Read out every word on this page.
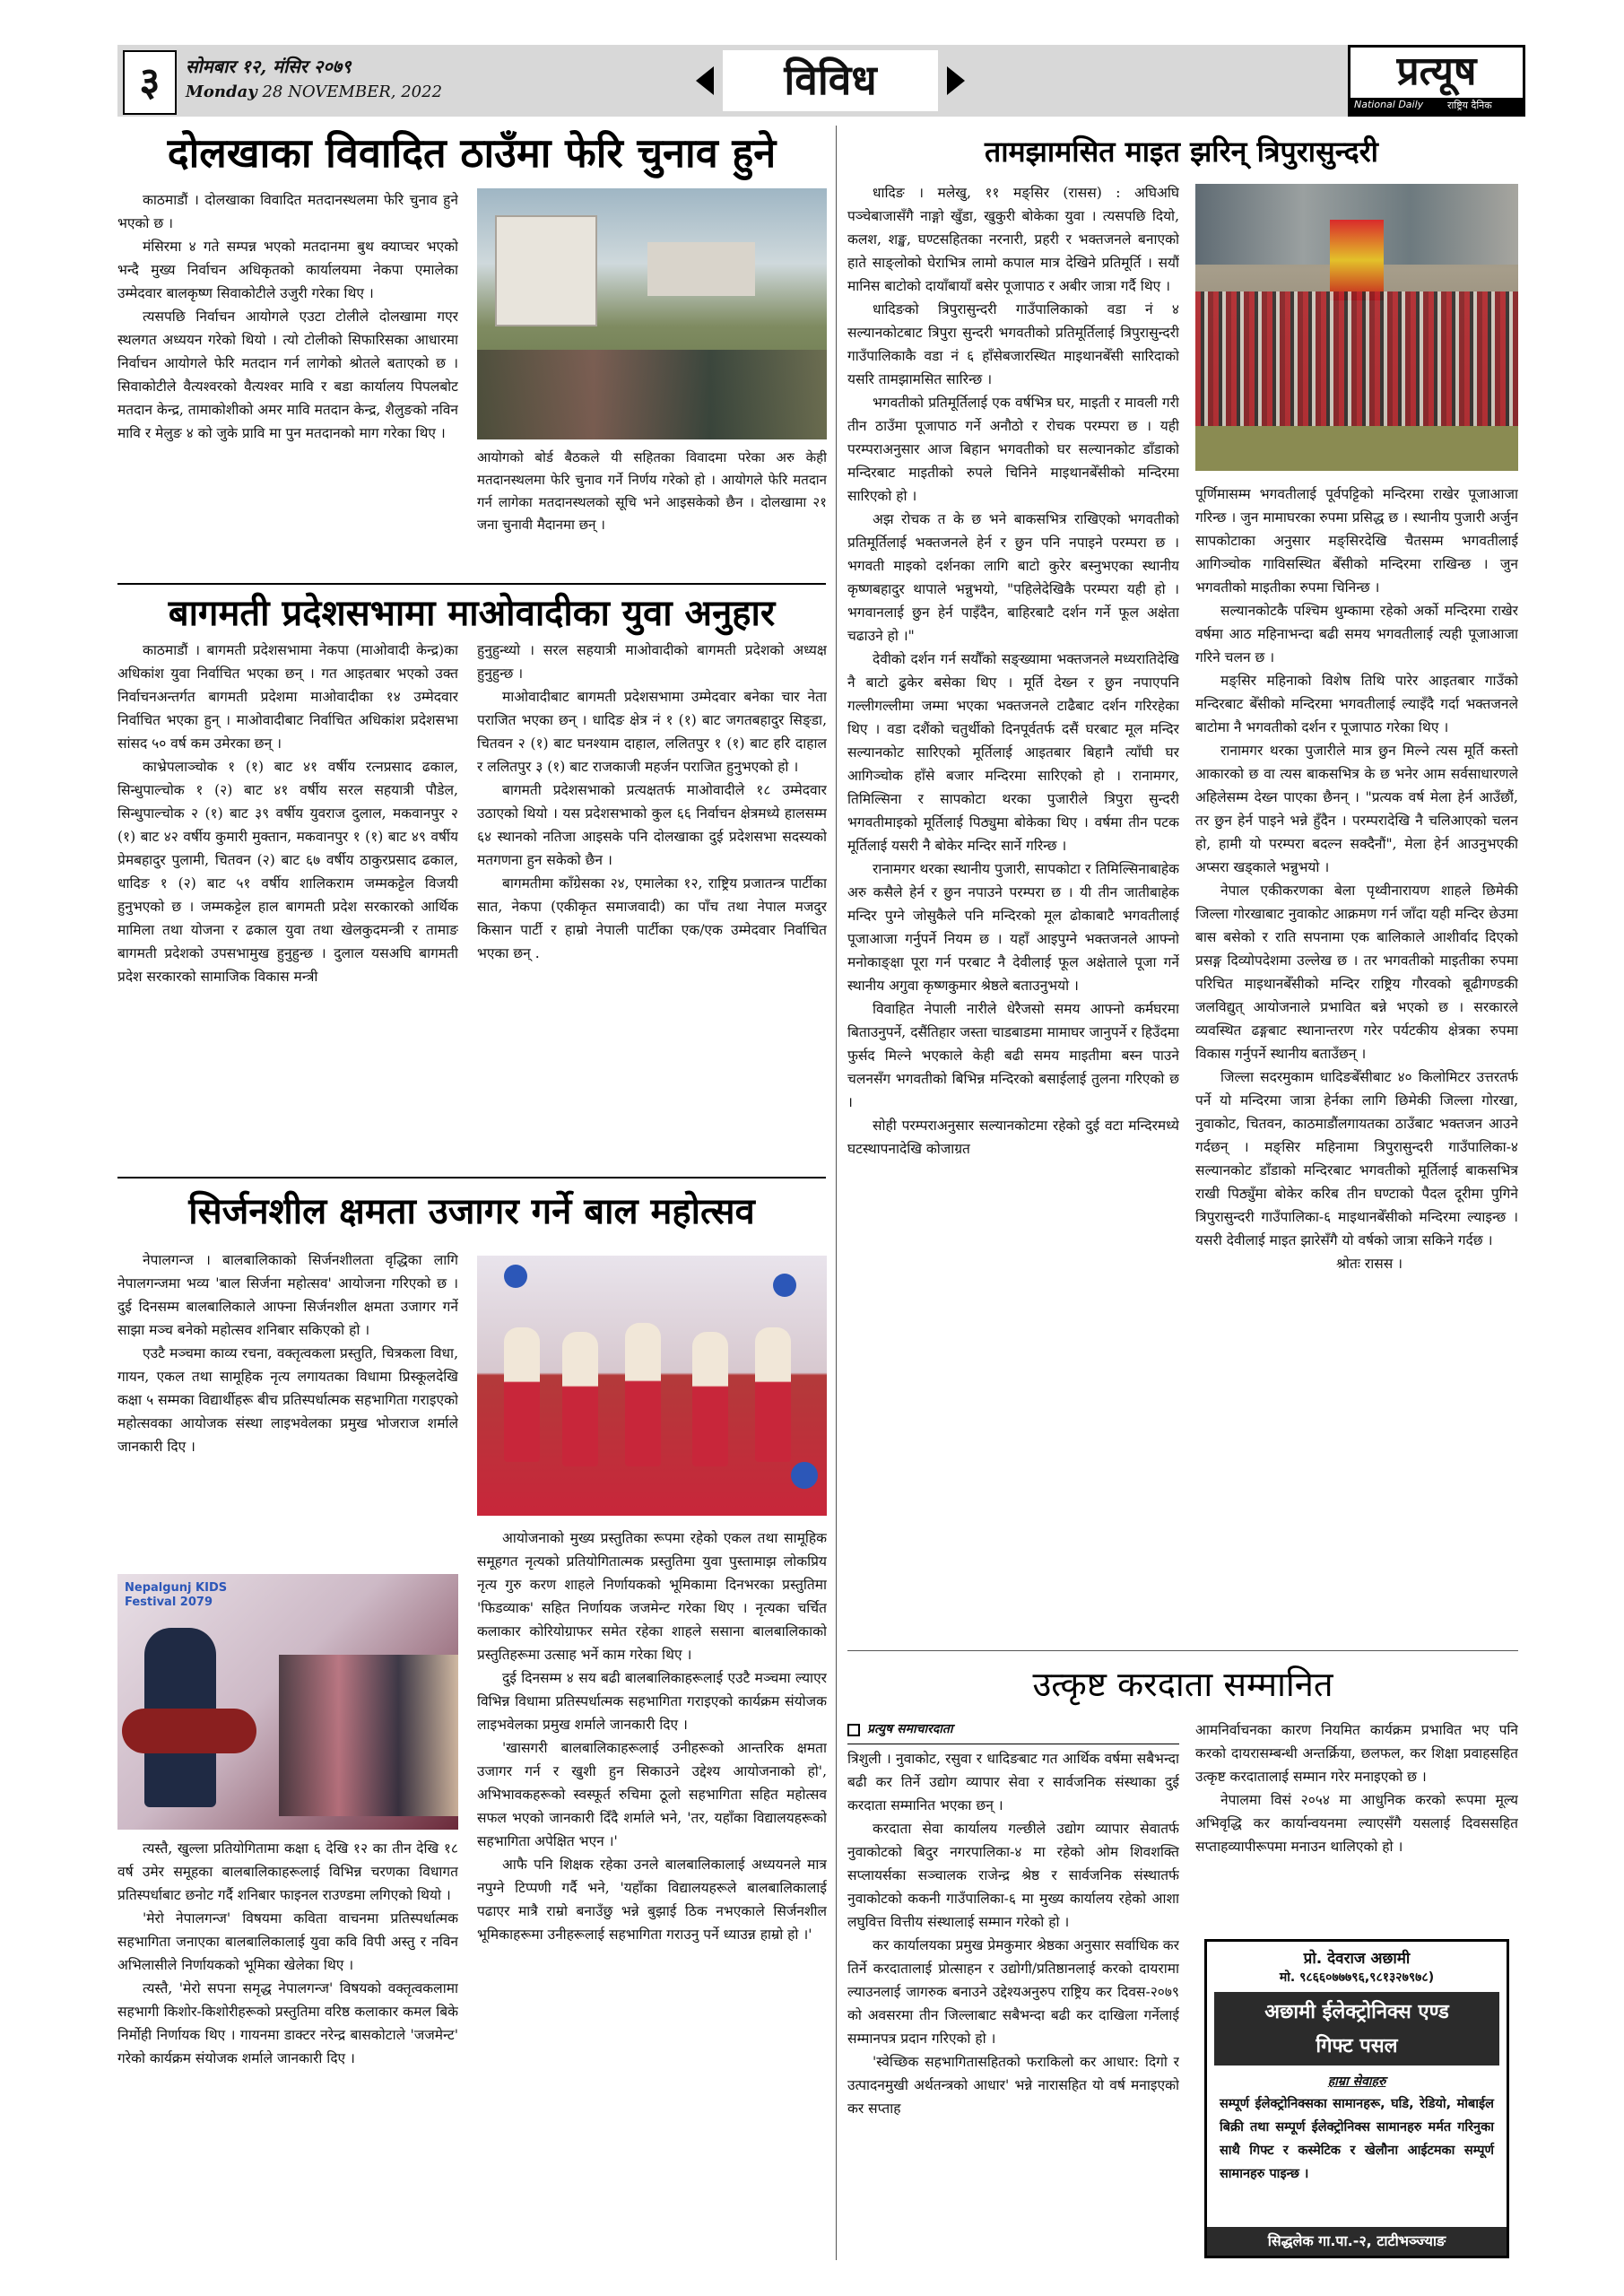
३	सोमबार १२, मंसिर २०७९
Monday 28 NOVEMBER, 2022	विविध	प्रत्यूष
National Daily राष्ट्रिय दैनिक
दोलखाका विवादित ठाउँमा फेरि चुनाव हुने

काठमाडौं । दोलखाका विवादित मतदानस्थलमा फेरि चुनाव हुने भएको छ ।

मंसिरमा ४ गते सम्पन्न भएको मतदानमा बुथ क्याप्चर भएको भन्दै मुख्य निर्वाचन अधिकृतको कार्यालयमा नेकपा एमालेका उम्मेदवार बालकृष्ण सिवाकोटीले उजुरी गरेका थिए ।

त्यसपछि निर्वाचन आयोगले एउटा टोलीले दोलखामा गएर स्थलगत अध्ययन गरेको थियो । त्यो टोलीको सिफारिसका आधारमा निर्वाचन आयोगले फेरि मतदान गर्न लागेको श्रोतले बताएको छ । सिवाकोटीले वैत्यश्वरको वैत्यश्वर मावि र बडा कार्यालय पिपलबोट मतदान केन्द्र, तामाकोशीको अमर मावि मतदान केन्द्र, शैलुङको नविन मावि र मेलुङ ४ को जुके प्रावि मा पुन मतदानको माग गरेका थिए ।

आयोगको बोर्ड बैठकले यी सहितका विवादमा परेका अरु केही मतदानस्थलमा फेरि चुनाव गर्ने निर्णय गरेको हो । आयोगले फेरि मतदान गर्न लागेका मतदानस्थलको सूचि भने आइसकेको छैन । दोलखामा २१ जना चुनावी मैदानमा छन् ।

बागमती प्रदेशसभामा माओवादीका युवा अनुहार

काठमाडौं । बागमती प्रदेशसभामा नेकपा (माओवादी केन्द्र)का अधिकांश युवा निर्वाचित भएका छन् । गत आइतबार भएको उक्त निर्वाचनअन्तर्गत बागमती प्रदेशमा माओवादीका १४ उम्मेदवार निर्वाचित भएका हुन् । माओवादीबाट निर्वाचित अधिकांश प्रदेशसभा सांसद ५० वर्ष कम उमेरका छन् ।

काभ्रेपलाञ्चोक १ (१) बाट ४१ वर्षीय रत्नप्रसाद ढकाल, सिन्धुपाल्चोक १ (२) बाट ४१ वर्षीय सरल सहयात्री पौडेल, सिन्धुपाल्चोक २ (१) बाट ३९ वर्षीय युवराज दुलाल, मकवानपुर २ (१) बाट ४२ वर्षीय कुमारी मुक्तान, मकवानपुर १ (१) बाट ४९ वर्षीय प्रेमबहादुर पुलामी, चितवन (२) बाट ६७ वर्षीय ठाकुरप्रसाद ढकाल, धादिङ १ (२) बाट ५१ वर्षीय शालिकराम जम्मकट्टेल विजयी हुनुभएको छ । जम्मकट्टेल हाल बागमती प्रदेश सरकारको आर्थिक मामिला तथा योजना र ढकाल युवा तथा खेलकुदमन्त्री र तामाङ बागमती प्रदेशको उपसभामुख हुनुहुन्छ । दुलाल यसअघि बागमती प्रदेश सरकारको सामाजिक विकास मन्त्री

हुनुहुन्थ्यो । सरल सहयात्री माओवादीको बागमती प्रदेशको अध्यक्ष हुनुहुन्छ ।

माओवादीबाट बागमती प्रदेशसभामा उम्मेदवार बनेका चार नेता पराजित भएका छन् । धादिङ क्षेत्र नं १ (१) बाट जगतबहादुर सिङ्डा, चितवन २ (१) बाट घनश्याम दाहाल, ललितपुर १ (१) बाट हरि दाहाल र ललितपुर ३ (१) बाट राजकाजी महर्जन पराजित हुनुभएको हो ।

बागमती प्रदेशसभाको प्रत्यक्षतर्फ माओवादीले १८ उम्मेदवार उठाएको थियो । यस प्रदेशसभाको कुल ६६ निर्वाचन क्षेत्रमध्ये हालसम्म ६४ स्थानको नतिजा आइसके पनि दोलखाका दुई प्रदेशसभा सदस्यको मतगणना हुन सकेको छैन ।

बागमतीमा काँग्रेसका २४, एमालेका १२, राष्ट्रिय प्रजातन्त्र पार्टीका सात, नेकपा (एकीकृत समाजवादी) का पाँच तथा नेपाल मजदुर किसान पार्टी र हाम्रो नेपाली पार्टीका एक/एक उम्मेदवार निर्वाचित भएका छन् .

सिर्जनशील क्षमता उजागर गर्ने बाल महोत्सव

नेपालगन्ज । बालबालिकाको सिर्जनशीलता वृद्धिका लागि नेपालगन्जमा भव्य 'बाल सिर्जना महोत्सव' आयोजना गरिएको छ । दुई दिनसम्म बालबालिकाले आफ्ना सिर्जनशील क्षमता उजागर गर्ने साझा मञ्च बनेको महोत्सव शनिबार सकिएको हो ।

एउटै मञ्चमा काव्य रचना, वक्तृत्वकला प्रस्तुति, चित्रकला विधा, गायन, एकल तथा सामूहिक नृत्य लगायतका विधामा प्रिस्कूलदेखि कक्षा ५ सम्मका विद्यार्थीहरू बीच प्रतिस्पर्धात्मक सहभागिता गराइएको महोत्सवका आयोजक संस्था लाइभवेलका प्रमुख भोजराज शर्माले जानकारी दिए ।

Nepalgunj KIDS Festival 2079

त्यस्तै, खुल्ला प्रतियोगितामा कक्षा ६ देखि १२ का तीन देखि १८ वर्ष उमेर समूहका बालबालिकाहरूलाई विभिन्न चरणका विधागत प्रतिस्पर्धाबाट छनोट गर्दै शनिबार फाइनल राउण्डमा लगिएको थियो ।

'मेरो नेपालगन्ज' विषयमा कविता वाचनमा प्रतिस्पर्धात्मक सहभागिता जनाएका बालबालिकालाई युवा कवि विपी अस्तु र नविन अभिलासीले निर्णायकको भूमिका खेलेका थिए ।

त्यस्तै, 'मेरो सपना समृद्ध नेपालगन्ज' विषयको वक्तृत्वकलामा सहभागी किशोर-किशोरीहरूको प्रस्तुतिमा वरिष्ठ कलाकार कमल बिके निर्मोही निर्णायक थिए । गायनमा डाक्टर नरेन्द्र बासकोटाले 'जजमेन्ट' गरेको कार्यक्रम संयोजक शर्माले जानकारी दिए ।

आयोजनाको मुख्य प्रस्तुतिका रूपमा रहेको एकल तथा सामूहिक समूहगत नृत्यको प्रतियोगितात्मक प्रस्तुतिमा युवा पुस्तामाझ लोकप्रिय नृत्य गुरु करण शाहले निर्णायकको भूमिकामा दिनभरका प्रस्तुतिमा 'फिडव्याक' सहित निर्णायक जजमेन्ट गरेका थिए । नृत्यका चर्चित कलाकार कोरियोग्राफर समेत रहेका शाहले ससाना बालबालिकाको प्रस्तुतिहरूमा उत्साह भर्ने काम गरेका थिए ।

दुई दिनसम्म ४ सय बढी बालबालिकाहरूलाई एउटै मञ्चमा ल्याएर विभिन्न विधामा प्रतिस्पर्धात्मक सहभागिता गराइएको कार्यक्रम संयोजक लाइभवेलका प्रमुख शर्माले जानकारी दिए ।

'खासगरी बालबालिकाहरूलाई उनीहरूको आन्तरिक क्षमता उजागर गर्न र खुशी हुन सिकाउने उद्देश्य आयोजनाको हो', अभिभावकहरूको स्वस्फूर्त रुचिमा ठूलो सहभागिता सहित महोत्सव सफल भएको जानकारी दिँदै शर्माले भने, 'तर, यहाँका विद्यालयहरूको सहभागिता अपेक्षित भएन ।'

आफै पनि शिक्षक रहेका उनले बालबालिकालाई अध्ययनले मात्र नपुग्ने टिप्पणी गर्दै भने, 'यहाँका विद्यालयहरूले बालबालिकालाई पढाएर मात्रै राम्रो बनाउँछु भन्ने बुझाई ठिक नभएकाले सिर्जनशील भूमिकाहरूमा उनीहरूलाई सहभागिता गराउनु पर्ने ध्याउन्न हाम्रो हो ।'

तामझामसित माइत झरिन् त्रिपुरासुन्दरी

धादिङ । मलेखु, ११ मङ्सिर (रासस) : अघिअघि पञ्चेबाजासँगै नाङ्गो खुँडा, खुकुरी बोकेका युवा । त्यसपछि दियो, कलश, शङ्ख, घण्टसहितका नरनारी, प्रहरी र भक्तजनले बनाएको हाते साङ्लोको घेराभित्र लामो कपाल मात्र देखिने प्रतिमूर्ति । सयौं मानिस बाटोको दायाँबायाँ बसेर पूजापाठ र अबीर जात्रा गर्दै थिए ।

धादिङको त्रिपुरासुन्दरी गाउँपालिकाको वडा नं ४ सल्यानकोटबाट त्रिपुरा सुन्दरी भगवतीको प्रतिमूर्तिलाई त्रिपुरासुन्दरी गाउँपालिकाकै वडा नं ६ हाँसेबजारस्थित माइथानबेँसी सारिदाको यसरि तामझामसित सारिन्छ ।

भगवतीको प्रतिमूर्तिलाई एक वर्षभित्र घर, माइती र मावली गरी तीन ठाउँमा पूजापाठ गर्ने अनौठो र रोचक परम्परा छ । यही परम्पराअनुसार आज बिहान भगवतीको घर सल्यानकोट डाँडाको मन्दिरबाट माइतीको रुपले चिनिने माइथानबेँसीको मन्दिरमा सारिएको हो ।

अझ रोचक त के छ भने बाकसभित्र राखिएको भगवतीको प्रतिमूर्तिलाई भक्तजनले हेर्न र छुन पनि नपाइने परम्परा छ । भगवती माइको दर्शनका लागि बाटो कुरेर बस्नुभएका स्थानीय कृष्णबहादुर थापाले भन्नुभयो, "पहिलेदेखिकै परम्परा यही हो । भगवानलाई छुन हेर्न पाइँदैन, बाहिरबाटै दर्शन गर्ने फूल अक्षेता चढाउने हो ।"

देवीको दर्शन गर्न सयौँको सङ्ख्यामा भक्तजनले मध्यरातिदेखि नै बाटो ढुकेर बसेका थिए । मूर्ति देख्न र छुन नपाएपनि गल्लीगल्लीमा जम्मा भएका भक्तजनले टाढैबाट दर्शन गरिरहेका थिए । वडा दशैंको चतुर्थीको दिनपूर्वतर्फ दसैं घरबाट मूल मन्दिर सल्यानकोट सारिएको मूर्तिलाई आइतबार बिहानै त्याँघी घर आगिञ्चोक हाँसे बजार मन्दिरमा सारिएको हो । रानामगर, तिमिल्सिना र सापकोटा थरका पुजारीले त्रिपुरा सुन्दरी भगवतीमाइको मूर्तिलाई पिठ्युमा बोकेका थिए । वर्षमा तीन पटक मूर्तिलाई यसरी नै बोकेर मन्दिर सार्ने गरिन्छ ।

रानामगर थरका स्थानीय पुजारी, सापकोटा र तिमिल्सिनाबाहेक अरु कसैले हेर्न र छुन नपाउने परम्परा छ । यी तीन जातीबाहेक मन्दिर पुग्ने जोसुकैले पनि मन्दिरको मूल ढोकाबाटै भगवतीलाई पूजाआजा गर्नुपर्ने नियम छ । यहाँ आइपुग्ने भक्तजनले आफ्नो मनोकाङ्क्षा पूरा गर्न परबाट नै देवीलाई फूल अक्षेताले पूजा गर्ने स्थानीय अगुवा कृष्णकुमार श्रेष्ठले बताउनुभयो ।

विवाहित नेपाली नारीले धेरैजसो समय आफ्नो कर्मघरमा बिताउनुपर्ने, दसैंतिहार जस्ता चाडबाडमा मामाघर जानुपर्ने र हिउँदमा फुर्सद मिल्ने भएकाले केही बढी समय माइतीमा बस्न पाउने चलनसँग भगवतीको बिभिन्न मन्दिरको बसाईलाई तुलना गरिएको छ ।

सोही परम्पराअनुसार सल्यानकोटमा रहेको दुई वटा मन्दिरमध्ये घटस्थापनादेखि कोजाग्रत

पूर्णिमासम्म भगवतीलाई पूर्वपट्टिको मन्दिरमा राखेर पूजाआजा गरिन्छ । जुन मामाघरका रुपमा प्रसिद्ध छ । स्थानीय पुजारी अर्जुन सापकोटाका अनुसार मङ्सिरदेखि चैतसम्म भगवतीलाई आगिञ्चोक गाविसस्थित बेँसीको मन्दिरमा राखिन्छ । जुन भगवतीको माइतीका रुपमा चिनिन्छ ।

सल्यानकोटकै पश्चिम थुम्कामा रहेको अर्को मन्दिरमा राखेर वर्षमा आठ महिनाभन्दा बढी समय भगवतीलाई त्यही पूजाआजा गरिने चलन छ ।

मङ्सिर महिनाको विशेष तिथि पारेर आइतबार गाउँको मन्दिरबाट बेँसीको मन्दिरमा भगवतीलाई ल्याइँदै गर्दा भक्तजनले बाटोमा नै भगवतीको दर्शन र पूजापाठ गरेका थिए ।

रानामगर थरका पुजारीले मात्र छुन मिल्ने त्यस मूर्ति कस्तो आकारको छ वा त्यस बाकसभित्र के छ भनेर आम सर्वसाधारणले अहिलेसम्म देख्न पाएका छैनन् । "प्रत्यक वर्ष मेला हेर्न आउँछौं, तर छुन हेर्न पाइने भन्ने हुँदैन । परम्परादेखि नै चलिआएको चलन हो, हामी यो परम्परा बदल्न सक्दैनौं", मेला हेर्न आउनुभएकी अप्सरा खड्काले भन्नुभयो ।

नेपाल एकीकरणका बेला पृथ्वीनारायण शाहले छिमेकी जिल्ला गोरखाबाट नुवाकोट आक्रमण गर्न जाँदा यही मन्दिर छेउमा बास बसेको र राति सपनामा एक बालिकाले आशीर्वाद दिएको प्रसङ्ग दिव्योपदेशमा उल्लेख छ । तर भगवतीको माइतीका रुपमा परिचित माइथानबेँसीको मन्दिर राष्ट्रिय गौरवको बूढीगण्डकी जलविद्युत् आयोजनाले प्रभावित बन्ने भएको छ । सरकारले व्यवस्थित ढङ्गबाट स्थानान्तरण गरेर पर्यटकीय क्षेत्रका रुपमा विकास गर्नुपर्ने स्थानीय बताउँछन् ।

जिल्ला सदरमुकाम धादिङबेँसीबाट ४० किलोमिटर उत्तरतर्फ पर्ने यो मन्दिरमा जात्रा हेर्नका लागि छिमेकी जिल्ला गोरखा, नुवाकोट, चितवन, काठमाडौंलगायतका ठाउँबाट भक्तजन आउने गर्दछन् । मङ्सिर महिनामा त्रिपुरासुन्दरी गाउँपालिका-४ सल्यानकोट डाँडाको मन्दिरबाट भगवतीको मूर्तिलाई बाकसभित्र राखी पिठ्युँमा बोकेर करिब तीन घण्टाको पैदल दूरीमा पुगिने त्रिपुरासुन्दरी गाउँपालिका-६ माइथानबेँसीको मन्दिरमा ल्याइन्छ । यसरी देवीलाई माइत झारेसँगै यो वर्षको जात्रा सकिने गर्दछ ।

श्रोतः रासस ।

उत्कृष्ट करदाता सम्मानित
प्रत्युष समाचारदाता

त्रिशुली । नुवाकोट, रसुवा र धादिङबाट गत आर्थिक वर्षमा सबैभन्दा बढी कर तिर्ने उद्योग व्यापार सेवा र सार्वजनिक संस्थाका दुई करदाता सम्मानित भएका छन् ।

करदाता सेवा कार्यालय गल्छीले उद्योग व्यापार सेवातर्फ नुवाकोटको बिदुर नगरपालिका-४ मा रहेको ओम शिवशक्ति सप्लायर्सका सञ्चालक राजेन्द्र श्रेष्ठ र सार्वजनिक संस्थातर्फ नुवाकोटको ककनी गाउँपालिका-६ मा मुख्य कार्यालय रहेको आशा लघुवित्त वित्तीय संस्थालाई सम्मान गरेको हो ।

कर कार्यालयका प्रमुख प्रेमकुमार श्रेष्ठका अनुसार सर्वाधिक कर तिर्ने करदातालाई प्रोत्साहन र उद्योगी/प्रतिष्ठानलाई करको दायरामा ल्याउनलाई जागरुक बनाउने उद्देश्यअनुरुप राष्ट्रिय कर दिवस-२०७९ को अवसरमा तीन जिल्लाबाट सबैभन्दा बढी कर दाखिला गर्नेलाई सम्मानपत्र प्रदान गरिएको हो ।

'स्वेच्छिक सहभागितासहितको फराकिलो कर आधार: दिगो र उत्पादनमुखी अर्थतन्त्रको आधार' भन्ने नारासहित यो वर्ष मनाइएको कर सप्ताह

आमनिर्वाचनका कारण नियमित कार्यक्रम प्रभावित भए पनि करको दायरासम्बन्धी अन्तर्क्रिया, छलफल, कर शिक्षा प्रवाहसहित उत्कृष्ट करदातालाई सम्मान गरेर मनाइएको छ ।

नेपालमा विसं २०५४ मा आधुनिक करको रूपमा मूल्य अभिवृद्धि कर कार्यान्वयनमा ल्याएसँगै यसलाई दिवससहित सप्ताहव्यापीरूपमा मनाउन थालिएको हो ।

प्रो. देवराज अछामी
मो. ९८६६०७७७९६,९८१३२७९७८)
अछामी ईलेक्ट्रोनिक्स एण्ड
गिफ्ट पसल
हाम्रा सेवाहरु
सम्पूर्ण ईलेक्ट्रोनिक्सका सामानहरू, घडि, रेडियो, मोबाईल बिक्री तथा सम्पूर्ण ईलेक्ट्रोनिक्स सामानहरु मर्मत गरिनुका साथै गिफ्ट र कस्मेटिक र खेलौना आईटमका सम्पूर्ण सामानहरु पाइन्छ ।
सिद्धलेक गा.पा.-२, टाटीभञ्ज्याङ
